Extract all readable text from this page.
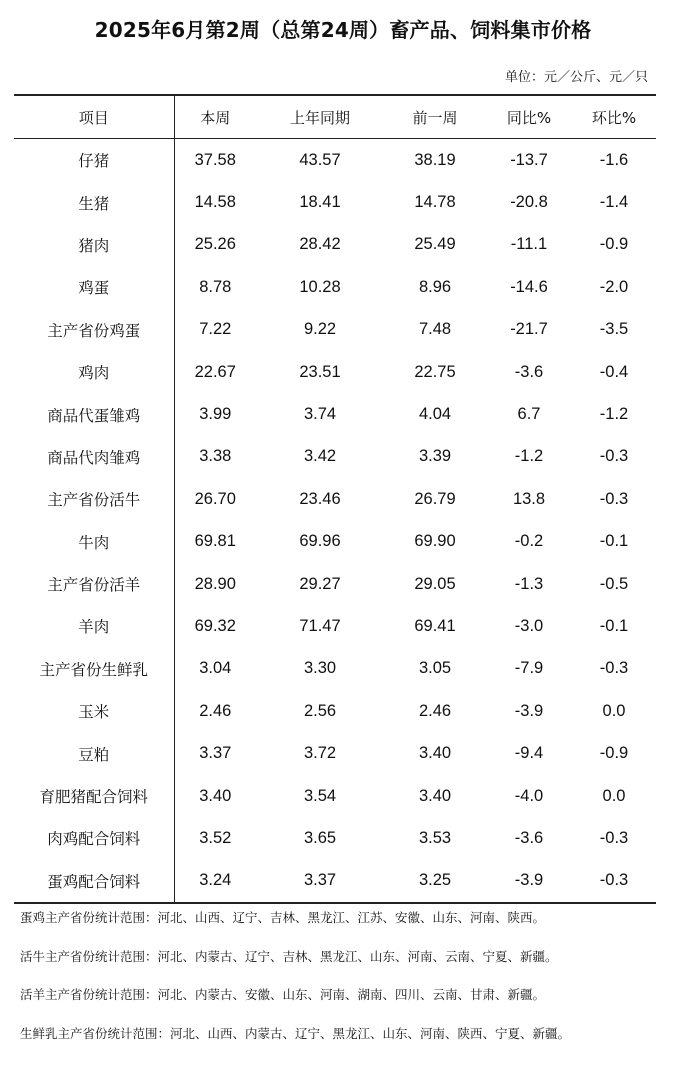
2025年6月第2周（总第24周）畜产品、饲料集市价格
单位：元／公斤、元／只
项目	本周	上年同期	前一周	同比%	环比%
仔猪	37.58	43.57	38.19	-13.7	-1.6
生猪	14.58	18.41	14.78	-20.8	-1.4
猪肉	25.26	28.42	25.49	-11.1	-0.9
鸡蛋	8.78	10.28	8.96	-14.6	-2.0
主产省份鸡蛋	7.22	9.22	7.48	-21.7	-3.5
鸡肉	22.67	23.51	22.75	-3.6	-0.4
商品代蛋雏鸡	3.99	3.74	4.04	6.7	-1.2
商品代肉雏鸡	3.38	3.42	3.39	-1.2	-0.3
主产省份活牛	26.70	23.46	26.79	13.8	-0.3
牛肉	69.81	69.96	69.90	-0.2	-0.1
主产省份活羊	28.90	29.27	29.05	-1.3	-0.5
羊肉	69.32	71.47	69.41	-3.0	-0.1
主产省份生鲜乳	3.04	3.30	3.05	-7.9	-0.3
玉米	2.46	2.56	2.46	-3.9	0.0
豆粕	3.37	3.72	3.40	-9.4	-0.9
育肥猪配合饲料	3.40	3.54	3.40	-4.0	0.0
肉鸡配合饲料	3.52	3.65	3.53	-3.6	-0.3
蛋鸡配合饲料	3.24	3.37	3.25	-3.9	-0.3
蛋鸡主产省份统计范围：河北、山西、辽宁、吉林、黑龙江、江苏、安徽、山东、河南、陕西。
活牛主产省份统计范围：河北、内蒙古、辽宁、吉林、黑龙江、山东、河南、云南、宁夏、新疆。
活羊主产省份统计范围：河北、内蒙古、安徽、山东、河南、湖南、四川、云南、甘肃、新疆。
生鲜乳主产省份统计范围：河北、山西、内蒙古、辽宁、黑龙江、山东、河南、陕西、宁夏、新疆。
